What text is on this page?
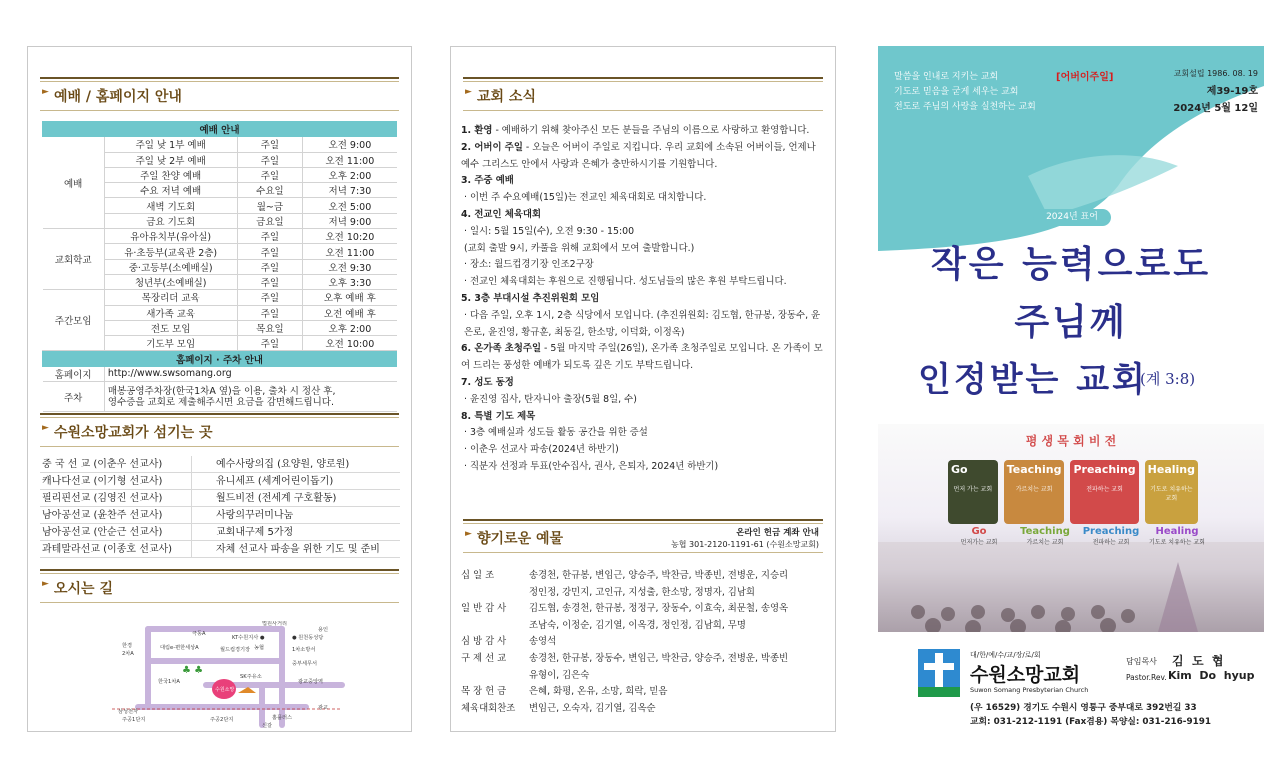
► 예배 / 홈페이지 안내
예배 안내			
예배	주일 낮 1부 예배	주일	오전 9:00
	주일 낮 2부 예배	주일	오전 11:00
	주일 찬양 예배	주일	오후 2:00
	수요 저녁 예배	수요일	저녁 7:30
	새벽 기도회	월~금	오전 5:00
	금요 기도회	금요일	저녁 9:00
교회학교	유아유치부(유아실)	주일	오전 10:20
	유·초등부(교육관 2층)	주일	오전 11:00
	중·고등부(소예배실)	주일	오전 9:30
	청년부(소예배실)	주일	오후 3:30
주간모임	목장리더 교육	주일	오후 예배 후
	새가족 교육	주일	오전 예배 후
	전도 모임	목요일	오후 2:00
	기도부 모임	주일	오전 10:00
홈페이지 · 주차 안내			
홈페이지	http://www.swsomang.org		
주차	매봉공영주차장(한국1차A 옆)을 이용, 출차 시 정산 후,
영수증을 교회로 제출해주시면 요금을 감면해드립니다.		
► 수원소망교회가 섬기는 곳
중 국 선 교 (이춘우 선교사)	예수사랑의집 (요양원, 양로원)
캐나다선교 (이기형 선교사)	유니세프 (세계어린이돕기)
필리핀선교 (김영진 선교사)	월드비전 (전세계 구호활동)
남아공선교 (윤찬주 선교사)	사랑의꾸러미나눔
남아공선교 (안순근 선교사)	교회내구제 5가정
과테말라선교 (이종호 선교사)	자체 선교사 파송을 위한 기도 및 준비
► 오시는 길
법원사거리
KT수원지사 ●	● 원천동성당
한경
2차A
대림e-편한세상A	월드컵경기장 농협	1차소방서
중부세무서
한국1차A
SK주유소
광교중앙역
삼성전자
주공1단지	주공2단지	홈플러스
광교
신갈
극동A
용인
수원소망
♣ ♣
► 교회 소식
1. 환영 - 예배하기 위해 찾아주신 모든 분들을 주님의 이름으로 사랑하고 환영합니다.
2. 어버이 주일 - 오늘은 어버이 주일로 지킵니다. 우리 교회에 소속된 어버이들, 언제나 예수 그리스도 안에서 사랑과 은혜가 충만하시기를 기원합니다.
3. 주중 예배
· 이번 주 수요예배(15일)는 전교인 체육대회로 대치합니다.
4. 전교인 체육대회
· 일시: 5월 15일(수), 오전 9:30 - 15:00
(교회 출발 9시, 카풀을 위해 교회에서 모여 출발합니다.)
· 장소: 월드컵경기장 인조2구장
· 전교인 체육대회는 후원으로 진행됩니다. 성도님들의 많은 후원 부탁드립니다.
5. 3층 부대시설 추진위원회 모임
· 다음 주일, 오후 1시, 2층 식당에서 모입니다. (추진위원회: 김도협, 한규봉, 장동수, 윤은로, 윤진영, 황규훈, 최동길, 한소망, 이덕화, 이정옥)
6. 온가족 초청주일 - 5월 마지막 주일(26일), 온가족 초청주일로 모입니다. 온 가족이 모여 드리는 풍성한 예배가 되도록 깊은 기도 부탁드립니다.
7. 성도 동정
· 윤진영 집사, 탄자니아 출장(5월 8일, 수)
8. 특별 기도 제목
· 3층 예배실과 성도들 활동 공간을 위한 증설
· 이춘우 선교사 파송(2024년 하반기)
· 직분자 선정과 투표(안수집사, 권사, 은퇴자, 2024년 하반기)
► 향기로운 예물	온라인 헌금 계좌 안내
농협 301-2120-1191-61 (수원소망교회)
십 일 조	송경천, 한규봉, 변임근, 양승주, 박찬금, 박종빈, 전병운, 지승리
정인정, 강민지, 고인규, 지성출, 한소망, 정명자, 김남희
일 반 감 사	김도협, 송경천, 한규봉, 정정구, 장동수, 이효숙, 최문철, 송영옥
조남숙, 이정순, 김기열, 이옥경, 정인정, 김남희, 무명
심 방 감 사	송영석
구 제 선 교	송경천, 한규봉, 장동수, 변임근, 박찬금, 양승주, 전병운, 박종빈
유형이, 김은숙
목 장 헌 금	은혜, 화평, 온유, 소망, 희락, 믿음
체육대회찬조	변임근, 오숙자, 김기열, 김옥순
말씀을 인내로 지키는 교회
기도로 믿음을 굳게 세우는 교회
전도로 주님의 사랑을 실천하는 교회
[어버이주일]	교회설립 1986. 08. 19
제39-19호
2024년 5월 12일
2024년 표어
작은 능력으로도
주님께
인정받는 교회
(계 3:8)
평 생 목 회 비 전
Go
먼저 가는 교회
Teaching
가르치는 교회
Preaching
전파하는 교회
Healing
기도로 치유하는 교회
Go
먼저가는 교회
Teaching
가르치는 교회
Preaching
전파하는 교회
Healing
기도로 치유하는 교회
대/한/예/수/교/장/로/회
수원소망교회
Suwon Somang Presbyterian Church
담임목사 김  도  협
Pastor.Rev. Kim  Do  hyup
(우 16529) 경기도 수원시 영통구 중부대로 392번길 33
교회: 031-212-1191 (Fax겸용) 목양실: 031-216-9191
